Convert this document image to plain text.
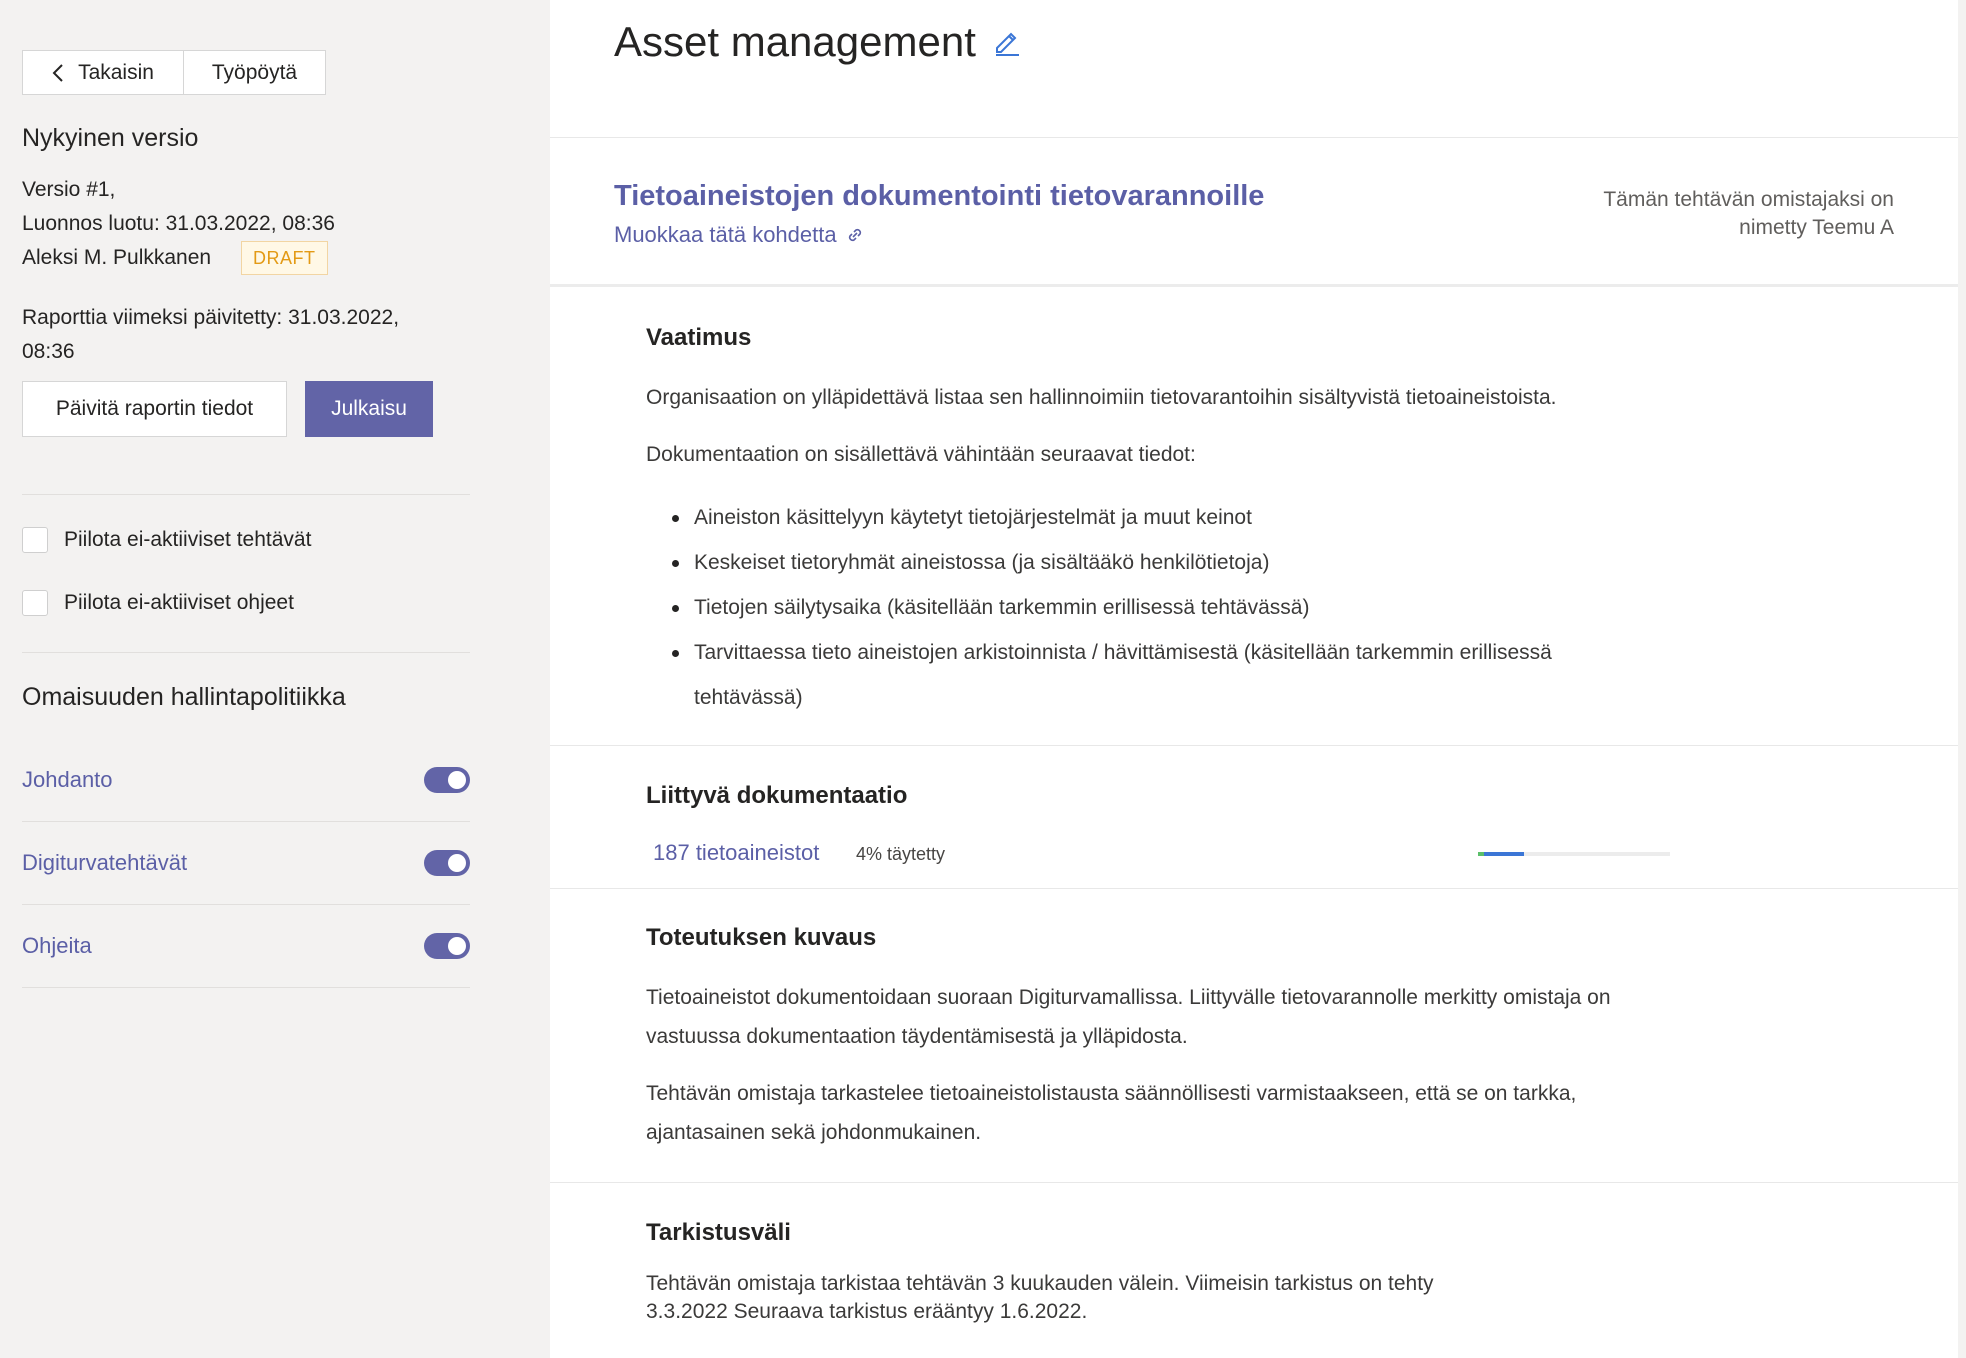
Takaisin	Työpöytä
Nykyinen versio
Versio #1,
Luonnos luotu: 31.03.2022, 08:36
Aleksi M. Pulkkanen	DRAFT
Raporttia viimeksi päivitetty: 31.03.2022,
08:36
Päivitä raportin tiedot	Julkaisu
Piilota ei-aktiiviset tehtävät
Piilota ei-aktiiviset ohjeet
Omaisuuden hallintapolitiikka
Johdanto
Digiturvatehtävät
Ohjeita
Asset management
Tietoaineistojen dokumentointi tietovarannoille
Muokkaa tätä kohdetta
Tämän tehtävän omistajaksi on
nimetty Teemu A
Vaatimus
Organisaation on ylläpidettävä listaa sen hallinnoimiin tietovarantoihin sisältyvistä tietoaineistoista.
Dokumentaation on sisällettävä vähintään seuraavat tiedot:
Aineiston käsittelyyn käytetyt tietojärjestelmät ja muut keinot
Keskeiset tietoryhmät aineistossa (ja sisältääkö henkilötietoja)
Tietojen säilytysaika (käsitellään tarkemmin erillisessä tehtävässä)
Tarvittaessa tieto aineistojen arkistoinnista / hävittämisestä (käsitellään tarkemmin erillisessä tehtävässä)
Liittyvä dokumentaatio
187 tietoaineistot 4% täytetty
Toteutuksen kuvaus
Tietoaineistot dokumentoidaan suoraan Digiturvamallissa. Liittyvälle tietovarannolle merkitty omistaja on vastuussa dokumentaation täydentämisestä ja ylläpidosta.
Tehtävän omistaja tarkastelee tietoaineistolistausta säännöllisesti varmistaakseen, että se on tarkka, ajantasainen sekä johdonmukainen.
Tarkistusväli
Tehtävän omistaja tarkistaa tehtävän 3 kuukauden välein. Viimeisin tarkistus on tehty
3.3.2022 Seuraava tarkistus erääntyy 1.6.2022.
